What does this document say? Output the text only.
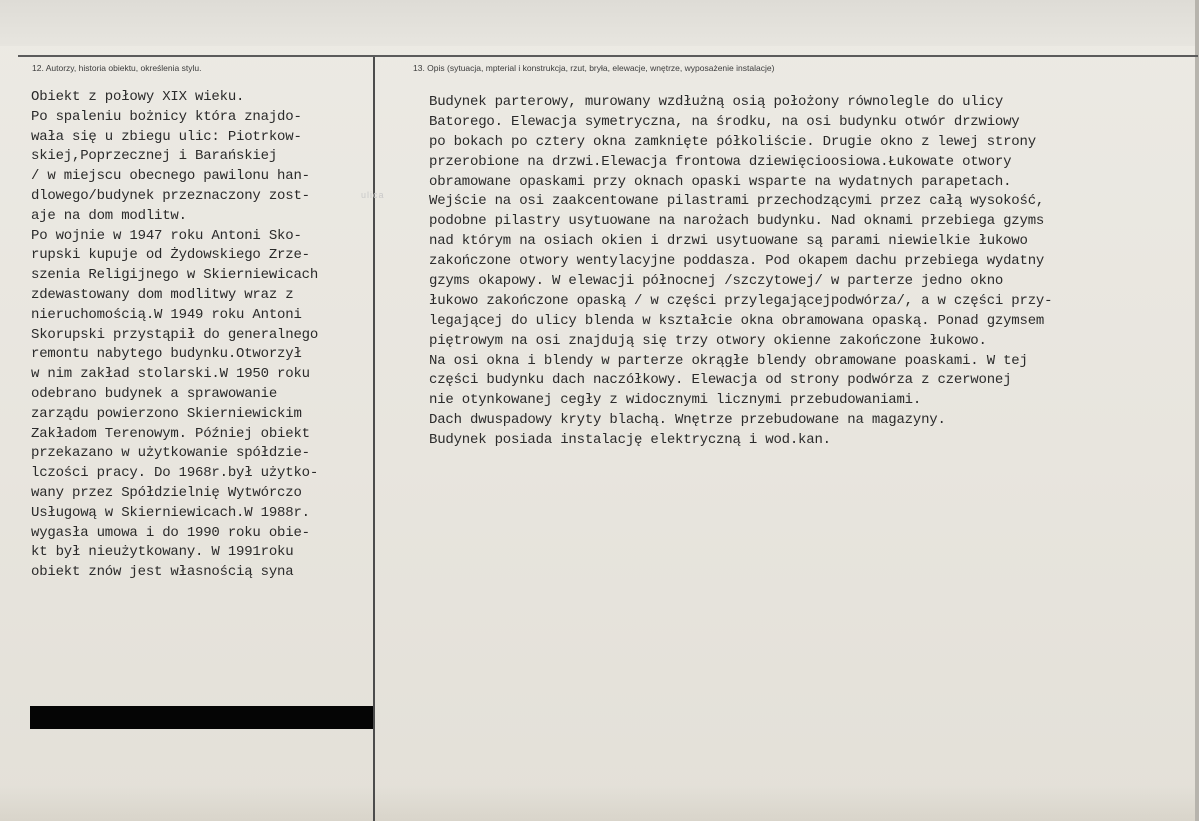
12. Autorzy, historia obiektu, określenia stylu.	13. Opis (sytuacja, mpterial i konstrukcja, rzut, bryła, elewacje, wnętrze, wyposażenie instalacje)
Obiekt z połowy XIX wieku.
Po spaleniu bożnicy która znajdo-
wała się u zbiegu ulic: Piotrkow-
skiej,Poprzecznej i Barańskiej
/ w miejscu obecnego pawilonu han-
dlowego/budynek przeznaczony zost-
aje na dom modlitw.
Po wojnie w 1947 roku Antoni Sko-
rupski kupuje od Żydowskiego Zrze-
szenia Religijnego w Skierniewicach
zdewastowany dom modlitwy wraz z
nieruchomością.W 1949 roku Antoni
Skorupski przystąpił do generalnego
remontu nabytego budynku.Otworzył
w nim zakład stolarski.W 1950 roku
odebrano budynek a sprawowanie
zarządu powierzono Skierniewickim
Zakładom Terenowym. Później obiekt
przekazano w użytkowanie spółdzie-
lczości pracy. Do 1968r.był użytko-
wany przez Spółdzielnię Wytwórczo
Usługową w Skierniewicach.W 1988r.
wygasła umowa i do 1990 roku obie-
kt był nieużytkowany. W 1991roku
obiekt znów jest własnością syna
Budynek parterowy, murowany wzdłużną osią położony równolegle do ulicy
Batorego. Elewacja symetryczna, na środku, na osi budynku otwór drzwiowy
po bokach po cztery okna zamknięte półkoliście. Drugie okno z lewej strony
przerobione na drzwi.Elewacja frontowa dziewięcioosiowa.Łukowate otwory
obramowane opaskami przy oknach opaski wsparte na wydatnych parapetach.
Wejście na osi zaakcentowane pilastrami przechodzącymi przez całą wysokość,
podobne pilastry usytuowane na narożach budynku. Nad oknami przebiega gzyms
nad którym na osiach okien i drzwi usytuowane są parami niewielkie łukowo
zakończone otwory wentylacyjne poddasza. Pod okapem dachu przebiega wydatny
gzyms okapowy. W elewacji północnej /szczytowej/ w parterze jedno okno
łukowo zakończone opaską / w części przylegającejpodwórza/, a w części przy-
legającej do ulicy blenda w kształcie okna obramowana opaską. Ponad gzymsem
piętrowym na osi znajdują się trzy otwory okienne zakończone łukowo.
Na osi okna i blendy w parterze okrągłe blendy obramowane poaskami. W tej
części budynku dach naczółkowy. Elewacja od strony podwórza z czerwonej
nie otynkowanej cegły z widocznymi licznymi przebudowaniami.
Dach dwuspadowy kryty blachą. Wnętrze przebudowane na magazyny.
Budynek posiada instalację elektryczną i wod.kan.
ulica
